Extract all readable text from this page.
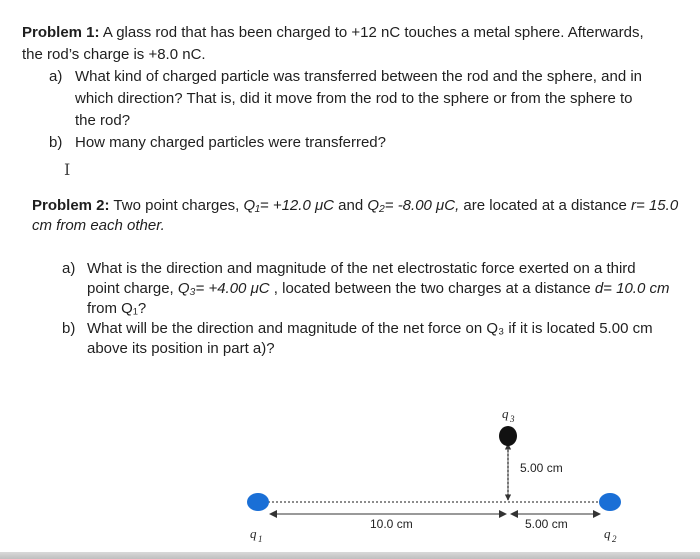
Problem 1: A glass rod that has been charged to +12 nC touches a metal sphere. Afterwards,
the rod’s charge is +8.0 nC.
a) What kind of charged particle was transferred between the rod and the sphere, and in
which direction? That is, did it move from the rod to the sphere or from the sphere to
the rod?
b) How many charged particles were transferred?
I
Problem 2: Two point charges, Q₁= +12.0 μC and Q₂= -8.00 μC, are located at a distance r= 15.0
cm from each other.
a) What is the direction and magnitude of the net electrostatic force exerted on a third
point charge, Q₃= +4.00 μC , located between the two charges at a distance d= 10.0 cm
from Q₁?
b) What will be the direction and magnitude of the net force on Q₃ if it is located 5.00 cm
above its position in part a)?
10.0 cm	5.00 cm
5.00 cm
q 1	q 2
q 3
